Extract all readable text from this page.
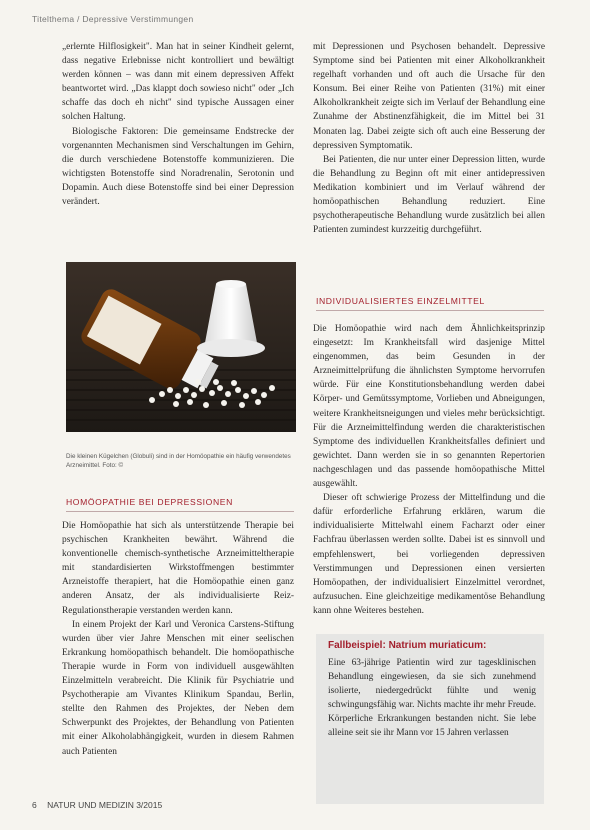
Titelthema / Depressive Verstimmungen

„erlernte Hilflosigkeit". Man hat in seiner Kindheit gelernt, dass negative Erlebnisse nicht kontrolliert und bewältigt werden können – was dann mit einem depressiven Affekt beantwortet wird. „Das klappt doch sowieso nicht" oder „Ich schaffe das doch eh nicht" sind typische Aussagen einer solchen Haltung.

Biologische Faktoren: Die gemeinsame Endstrecke der vorgenannten Mechanismen sind Verschaltungen im Gehirn, die durch verschiedene Botenstoffe kommunizieren. Die wichtigsten Botenstoffe sind Noradrenalin, Serotonin und Dopamin. Auch diese Botenstoffe sind bei einer Depression verändert.

Die kleinen Kügelchen (Globuli) sind in der Homöopathie ein häufig verwendetes Arzneimittel. Foto: ©
HOMÖOPATHIE BEI DEPRESSIONEN

Die Homöopathie hat sich als unterstützende Therapie bei psychischen Krankheiten bewährt. Während die konventionelle chemisch-synthetische Arzneimitteltherapie mit standardisierten Wirkstoffmengen bestimmter Arzneistoffe therapiert, hat die Homöopathie einen ganz anderen Ansatz, der als individualisierte Reiz-Regulationstherapie verstanden werden kann.

In einem Projekt der Karl und Veronica Carstens-Stiftung wurden über vier Jahre Menschen mit einer seelischen Erkrankung homöopathisch behandelt. Die homöopathische Therapie wurde in Form von individuell ausgewählten Einzelmitteln verabreicht. Die Klinik für Psychiatrie und Psychotherapie am Vivantes Klinikum Spandau, Berlin, stellte den Rahmen des Projektes, der Neben dem Schwerpunkt des Projektes, der Behandlung von Patienten mit einer Alkoholabhängigkeit, wurden in diesem Rahmen auch Patienten

mit Depressionen und Psychosen behandelt. Depressive Symptome sind bei Patienten mit einer Alkoholkrankheit regelhaft vorhanden und oft auch die Ursache für den Konsum. Bei einer Reihe von Patienten (31%) mit einer Alkoholkrankheit zeigte sich im Verlauf der Behandlung eine Zunahme der Abstinenzfähigkeit, die im Mittel bei 31 Monaten lag. Dabei zeigte sich oft auch eine Besserung der depressiven Symptomatik.

Bei Patienten, die nur unter einer Depression litten, wurde die Behandlung zu Beginn oft mit einer antidepressiven Medikation kombiniert und im Verlauf während der homöopathischen Behandlung reduziert. Eine psychotherapeutische Behandlung wurde zusätzlich bei allen Patienten zumindest kurzzeitig durchgeführt.

INDIVIDUALISIERTES EINZELMITTEL

Die Homöopathie wird nach dem Ähnlichkeitsprinzip eingesetzt: Im Krankheitsfall wird dasjenige Mittel eingenommen, das beim Gesunden in der Arzneimittelprüfung die ähnlichsten Symptome hervorrufen würde. Für eine Konstitutionsbehandlung werden dabei Körper- und Gemütssymptome, Vorlieben und Abneigungen, weitere Krankheitsneigungen und vieles mehr berücksichtigt. Für die Arzneimittelfindung werden die charakteristischen Symptome des individuellen Krankheitsfalles definiert und gewichtet. Dann werden sie in so genannten Repertorien nachgeschlagen und das passende homöopathische Mittel ausgewählt.

Dieser oft schwierige Prozess der Mittelfindung und die dafür erforderliche Erfahrung erklären, warum die individualisierte Mittelwahl einem Facharzt oder einer Fachfrau überlassen werden sollte. Dabei ist es sinnvoll und empfehlenswert, bei vorliegenden depressiven Verstimmungen und Depressionen einen versierten Homöopathen, der individualisiert Einzelmittel verordnet, aufzusuchen. Eine gleichzeitige medikamentöse Behandlung kann ohne Weiteres bestehen.

Fallbeispiel: Natrium muriaticum:

Eine 63-jährige Patientin wird zur tagesklinischen Behandlung eingewiesen, da sie sich zunehmend isolierte, niedergedrückt fühlte und wenig schwingungsfähig war. Nichts machte ihr mehr Freude. Körperliche Erkrankungen bestanden nicht. Sie lebe alleine seit sie ihr Mann vor 15 Jahren verlassen

6 NATUR UND MEDIZIN 3/2015
